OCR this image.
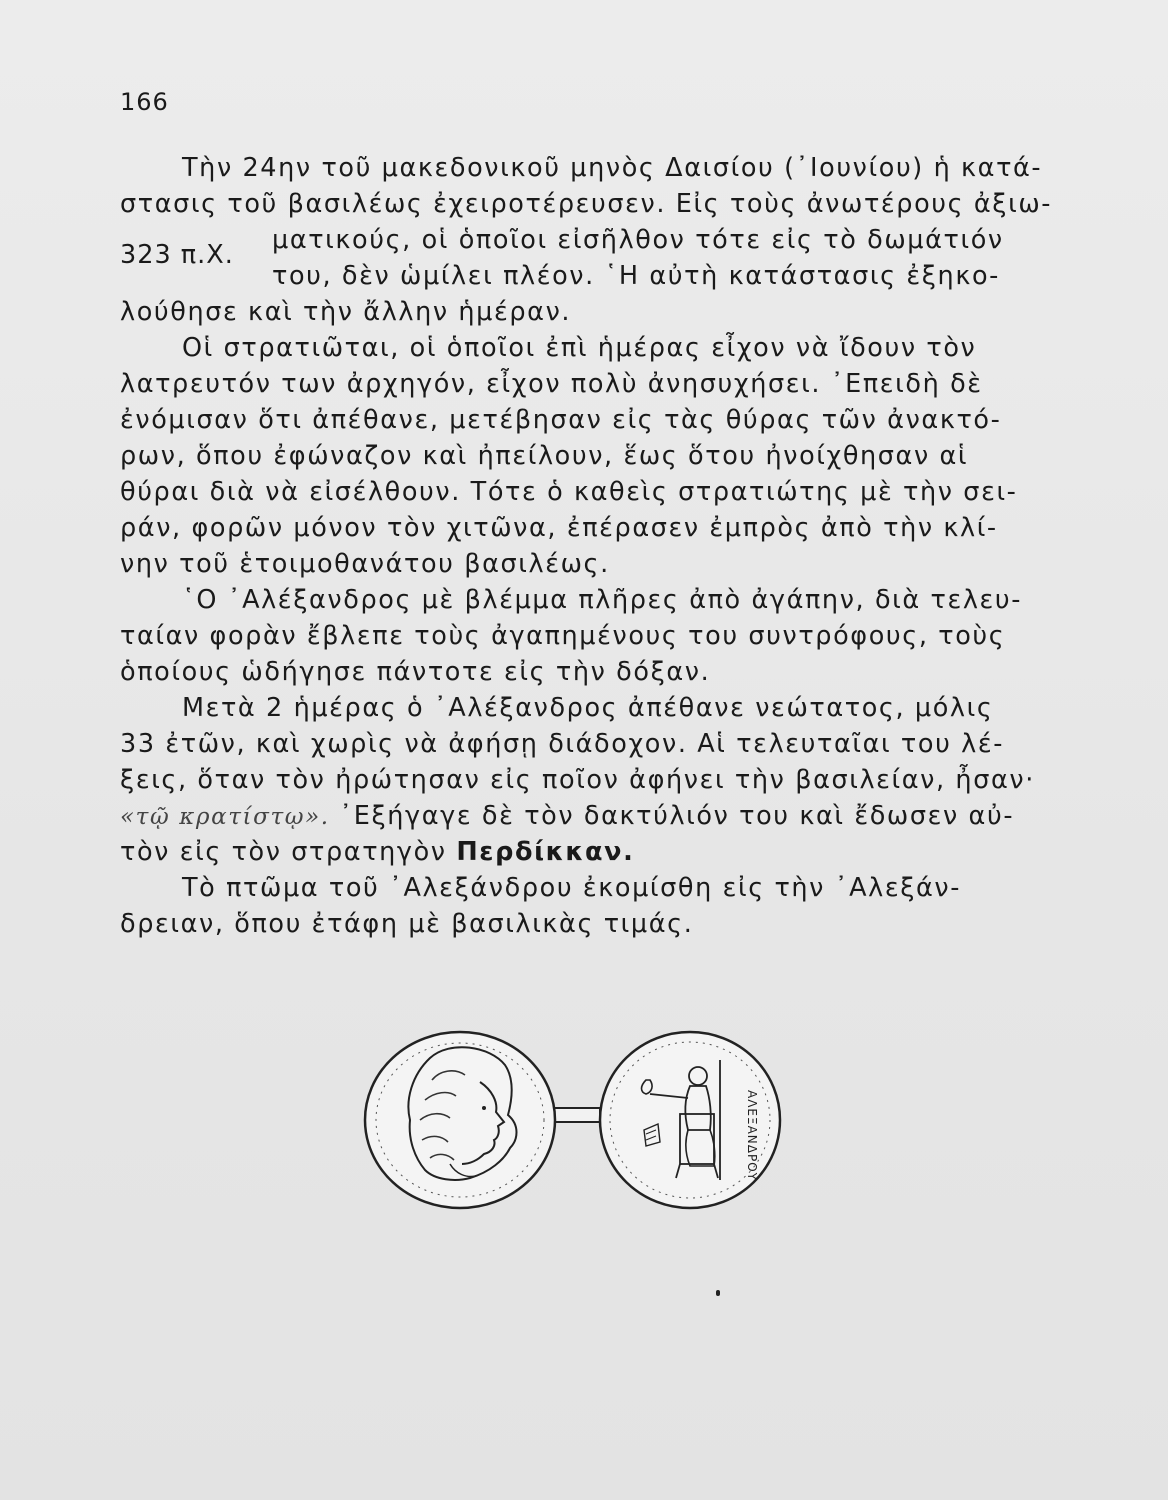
166
323 π.Χ.
Τὴν 24ην τοῦ μακεδονικοῦ μηνὸς Δαισίου (᾿Ιουνίου) ἡ κατά-
στασις τοῦ βασιλέως ἐχειροτέρευσεν. Εἰς τοὺς ἀνωτέρους ἀξιω-
ματικούς, οἱ ὁποῖοι εἰσῆλθον τότε εἰς τὸ δωμάτιόν
του, δὲν ὡμίλει πλέον. ῾Η αὐτὴ κατάστασις ἐξηκο-
λούθησε καὶ τὴν ἄλλην ἡμέραν.
Οἱ στρατιῶται, οἱ ὁποῖοι ἐπὶ ἡμέρας εἶχον νὰ ἴδουν τὸν
λατρευτόν των ἀρχηγόν, εἶχον πολὺ ἀνησυχήσει. ᾿Επειδὴ δὲ
ἐνόμισαν ὅτι ἀπέθανε, μετέβησαν εἰς τὰς θύρας τῶν ἀνακτό-
ρων, ὅπου ἐφώναζον καὶ ἠπείλουν, ἕως ὅτου ἠνοίχθησαν αἱ
θύραι διὰ νὰ εἰσέλθουν. Τότε ὁ καθεὶς στρατιώτης μὲ τὴν σει-
ράν, φορῶν μόνον τὸν χιτῶνα, ἐπέρασεν ἐμπρὸς ἀπὸ τὴν κλί-
νην τοῦ ἑτοιμοθανάτου βασιλέως.
῾Ο ᾿Αλέξανδρος μὲ βλέμμα πλῆρες ἀπὸ ἀγάπην, διὰ τελευ-
ταίαν φορὰν ἔβλεπε τοὺς ἀγαπημένους του συντρόφους, τοὺς
ὁποίους ὡδήγησε πάντοτε εἰς τὴν δόξαν.
Μετὰ 2 ἡμέρας ὁ ᾿Αλέξανδρος ἀπέθανε νεώτατος, μόλις
33 ἐτῶν, καὶ χωρὶς νὰ ἀφήσῃ διάδοχον. Αἱ τελευταῖαι του λέ-
ξεις, ὅταν τὸν ἠρώτησαν εἰς ποῖον ἀφήνει τὴν βασιλείαν, ἦσαν·
«τῷ κρατίστῳ». ᾿Εξήγαγε δὲ τὸν δακτύλιόν του καὶ ἔδωσεν αὐ-
τὸν εἰς τὸν στρατηγὸν Περδίκκαν.
Τὸ πτῶμα τοῦ ᾿Αλεξάνδρου ἐκομίσθη εἰς τὴν ᾿Αλεξάν-
δρειαν, ὅπου ἐτάφη μὲ βασιλικὰς τιμάς.
ΑΛΕΞΑΝΔΡΟΥ
